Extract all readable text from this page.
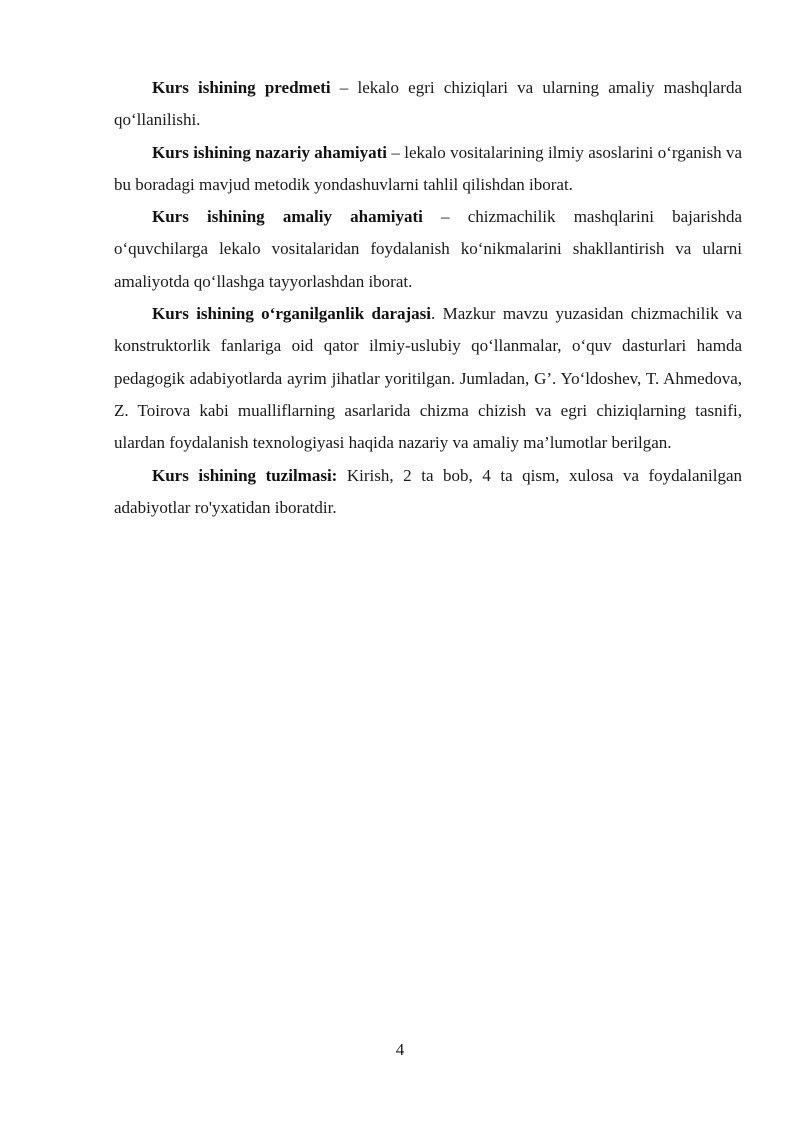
Kurs ishining predmeti – lekalo egri chiziqlari va ularning amaliy mashqlarda qo‘llanilishi.

Kurs ishining nazariy ahamiyati – lekalo vositalarining ilmiy asoslarini o‘rganish va bu boradagi mavjud metodik yondashuvlarni tahlil qilishdan iborat.

Kurs ishining amaliy ahamiyati – chizmachilik mashqlarini bajarishda o‘quvchilarga lekalo vositalaridan foydalanish ko‘nikmalarini shakllantirish va ularni amaliyotda qo‘llashga tayyorlashdan iborat.

Kurs ishining o‘rganilganlik darajasi. Mazkur mavzu yuzasidan chizmachilik va konstruktorlik fanlariga oid qator ilmiy-uslubiy qo‘llanmalar, o‘quv dasturlari hamda pedagogik adabiyotlarda ayrim jihatlar yoritilgan. Jumladan, G’. Yo‘ldoshev, T. Ahmedova, Z. Toirova kabi mualliflarning asarlarida chizma chizish va egri chiziqlarning tasnifi, ulardan foydalanish texnologiyasi haqida nazariy va amaliy ma’lumotlar berilgan.

Kurs ishining tuzilmasi: Kirish, 2 ta bob, 4 ta qism, xulosa va foydalanilgan adabiyotlar ro'yxatidan iboratdir.

4
